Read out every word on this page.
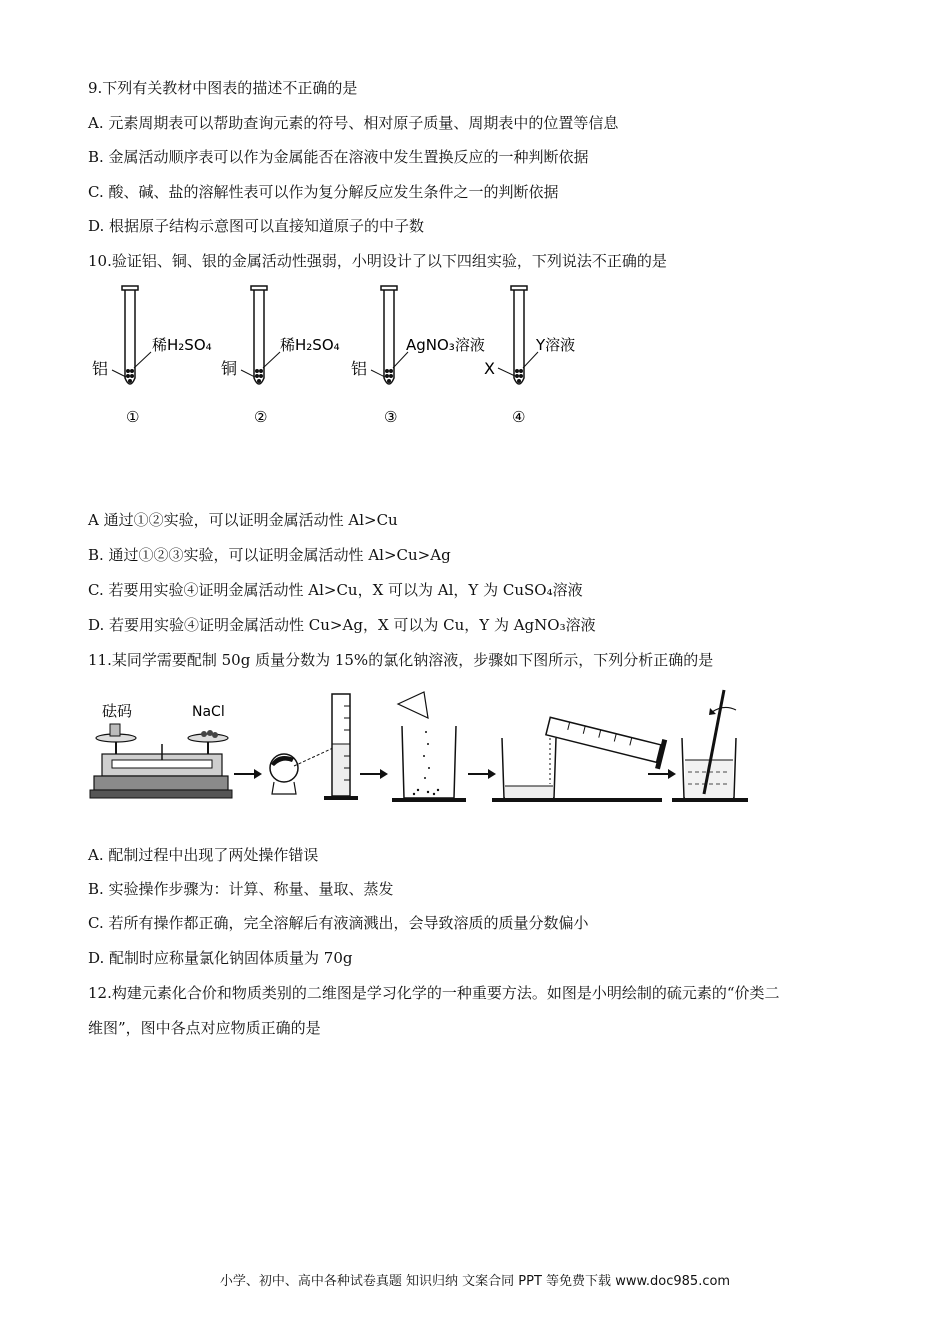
9.下列有关教材中图表的描述不正确的是
A. 元素周期表可以帮助查询元素的符号、相对原子质量、周期表中的位置等信息
B. 金属活动顺序表可以作为金属能否在溶液中发生置换反应的一种判断依据
C. 酸、碱、盐的溶解性表可以作为复分解反应发生条件之一的判断依据
D. 根据原子结构示意图可以直接知道原子的中子数
10.验证铝、铜、银的金属活动性强弱，小明设计了以下四组实验，下列说法不正确的是
铝
稀H₂SO₄
①
铜
稀H₂SO₄
②
铝
AgNO₃溶液
③
X
Y溶液
④
A 通过①②实验，可以证明金属活动性 Al>Cu
B. 通过①②③实验，可以证明金属活动性 Al>Cu>Ag
C. 若要用实验④证明金属活动性 Al>Cu，X 可以为 Al，Y 为 CuSO₄溶液
D. 若要用实验④证明金属活动性 Cu>Ag，X 可以为 Cu，Y 为 AgNO₃溶液
11.某同学需要配制 50g 质量分数为 15%的氯化钠溶液，步骤如下图所示，下列分析正确的是
砝码	NaCl
A. 配制过程中出现了两处操作错误
B. 实验操作步骤为：计算、称量、量取、蒸发
C. 若所有操作都正确，完全溶解后有液滴溅出，会导致溶质的质量分数偏小
D. 配制时应称量氯化钠固体质量为 70g
12.构建元素化合价和物质类别的二维图是学习化学的一种重要方法。如图是小明绘制的硫元素的“价类二
维图”，图中各点对应物质正确的是
小学、初中、高中各种试卷真题 知识归纳 文案合同 PPT 等免费下载 www.doc985.com
